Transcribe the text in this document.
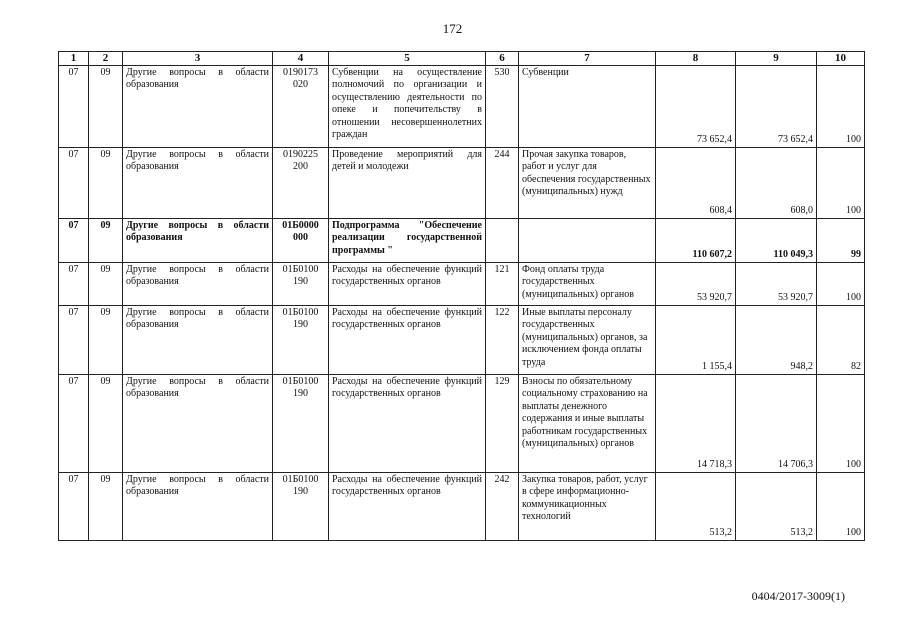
172
1	2	3	4	5	6	7	8	9	10
07	09	Другие вопросы в области образования	0190173 020	Субвенции на осуществление полномочий по организации и осуществлению деятельности по опеке и попечительству в отношении несовершеннолетних граждан	530	Субвенции	73 652,4	73 652,4	100
07	09	Другие вопросы в области образования	0190225 200	Проведение мероприятий для детей и молодежи	244	Прочая закупка товаров, работ и услуг для обеспечения государственных (муниципальных) нужд	608,4	608,0	100
07	09	Другие вопросы в области образования	01Б0000 000	Подпрограмма "Обеспечение реализации государственной программы "			110 607,2	110 049,3	99
07	09	Другие вопросы в области образования	01Б0100 190	Расходы на обеспечение функций государственных органов	121	Фонд оплаты труда государственных (муниципальных) органов	53 920,7	53 920,7	100
07	09	Другие вопросы в области образования	01Б0100 190	Расходы на обеспечение функций государственных органов	122	Иные выплаты персоналу государственных (муниципальных) органов, за исключением фонда оплаты труда	1 155,4	948,2	82
07	09	Другие вопросы в области образования	01Б0100 190	Расходы на обеспечение функций государственных органов	129	Взносы по обязательному социальному страхованию на выплаты денежного содержания и иные выплаты работникам государственных (муниципальных) органов	14 718,3	14 706,3	100
07	09	Другие вопросы в области образования	01Б0100 190	Расходы на обеспечение функций государственных органов	242	Закупка товаров, работ, услуг в сфере информационно-коммуникационных технологий	513,2	513,2	100
0404/2017-3009(1)
